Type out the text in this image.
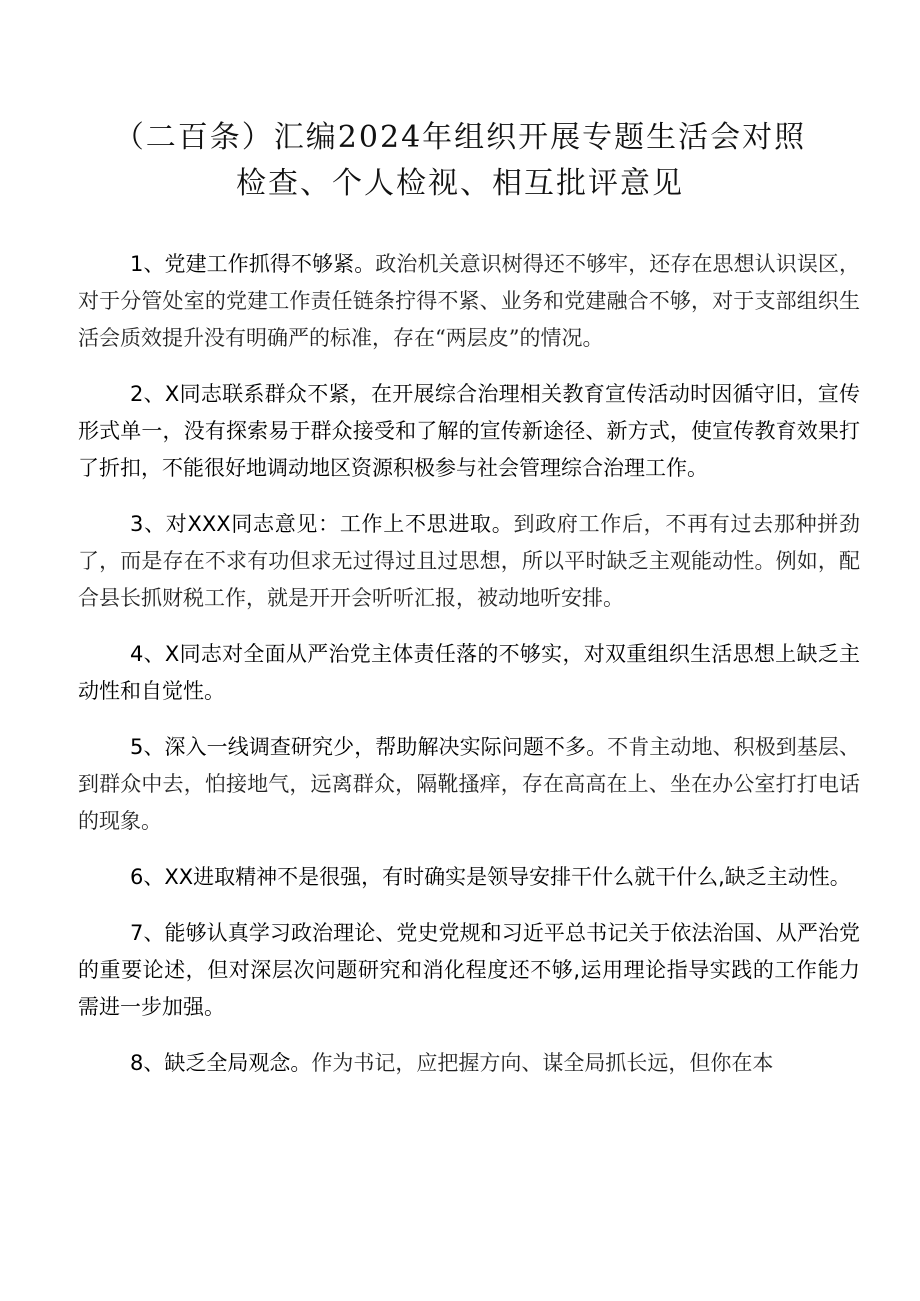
（二百条）汇编2024年组织开展专题生活会对照
检查、个人检视、相互批评意见

1、党建工作抓得不够紧。政治机关意识树得还不够牢，还存在思想认识误区，对于分管处室的党建工作责任链条拧得不紧、业务和党建融合不够，对于支部组织生活会质效提升没有明确严的标准，存在“两层皮”的情况。

2、X同志联系群众不紧，在开展综合治理相关教育宣传活动时因循守旧，宣传形式单一，没有探索易于群众接受和了解的宣传新途径、新方式，使宣传教育效果打了折扣，不能很好地调动地区资源积极参与社会管理综合治理工作。

3、对XXX同志意见：工作上不思进取。到政府工作后，不再有过去那种拼劲了，而是存在不求有功但求无过得过且过思想，所以平时缺乏主观能动性。例如，配合县长抓财税工作，就是开开会听听汇报，被动地听安排。

4、X同志对全面从严治党主体责任落的不够实，对双重组织生活思想上缺乏主动性和自觉性。

5、深入一线调查研究少，帮助解决实际问题不多。不肯主动地、积极到基层、到群众中去，怕接地气，远离群众，隔靴搔痒，存在高高在上、坐在办公室打打电话的现象。

6、XX进取精神不是很强，有时确实是领导安排干什么就干什么,缺乏主动性。

7、能够认真学习政治理论、党史党规和习近平总书记关于依法治国、从严治党的重要论述，但对深层次问题研究和消化程度还不够,运用理论指导实践的工作能力需进一步加强。

8、缺乏全局观念。作为书记，应把握方向、谋全局抓长远，但你在本
